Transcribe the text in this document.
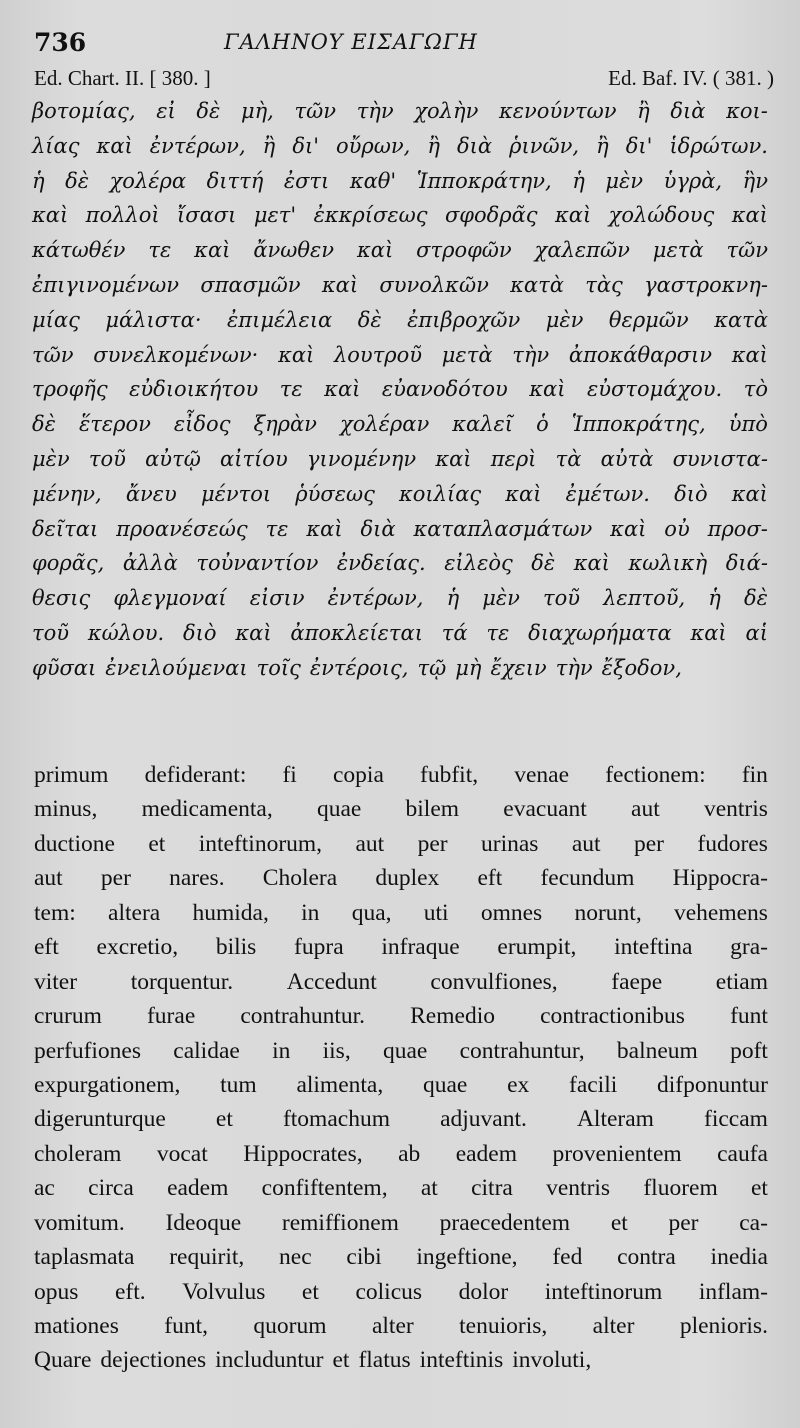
736	ΓΑΛΗΝΟΥ ΕΙΣΑΓΩΓΗ
Ed. Chart. II. [ 380. ]	Ed. Baf. IV. ( 381. )
βοτομίας, εἰ δὲ μὴ, τῶν τὴν χολὴν κενούντων ἢ διὰ κοι-
λίας καὶ ἐντέρων, ἢ δι' οὔρων, ἢ διὰ ῥινῶν, ἢ δι' ἱδρώτων.
ἡ δὲ χολέρα διττή ἐστι καθ' Ἱπποκράτην, ἡ μὲν ὑγρὰ, ἣν
καὶ πολλοὶ ἴσασι μετ' ἐκκρίσεως σφοδρᾶς καὶ χολώδους καὶ
κάτωθέν τε καὶ ἄνωθεν καὶ στροφῶν χαλεπῶν μετὰ τῶν
ἐπιγινομένων σπασμῶν καὶ συνολκῶν κατὰ τὰς γαστροκνη-
μίας μάλιστα· ἐπιμέλεια δὲ ἐπιβροχῶν μὲν θερμῶν κατὰ
τῶν συνελκομένων· καὶ λουτροῦ μετὰ τὴν ἀποκάθαρσιν καὶ
τροφῆς εὐδιοικήτου τε καὶ εὐανοδότου καὶ εὐστομάχου. τὸ
δὲ ἕτερον εἶδος ξηρὰν χολέραν καλεῖ ὁ Ἱπποκράτης, ὑπὸ
μὲν τοῦ αὐτῷ αἰτίου γινομένην καὶ περὶ τὰ αὐτὰ συνιστα-
μένην, ἄνευ μέντοι ῥύσεως κοιλίας καὶ ἐμέτων. διὸ καὶ
δεῖται προανέσεώς τε καὶ διὰ καταπλασμάτων καὶ οὐ προσ-
φορᾶς, ἀλλὰ τοὐναντίον ἐνδείας. εἰλεὸς δὲ καὶ κωλικὴ διά-
θεσις φλεγμοναί εἰσιν ἐντέρων, ἡ μὲν τοῦ λεπτοῦ, ἡ δὲ
τοῦ κώλου. διὸ καὶ ἀποκλείεται τά τε διαχωρήματα καὶ αἱ
φῦσαι ἐνειλούμεναι τοῖς ἐντέροις, τῷ μὴ ἔχειν τὴν ἔξοδον,
primum defiderant: fi copia fubfit, venae fectionem: fin
minus, medicamenta, quae bilem evacuant aut ventris
ductione et inteftinorum, aut per urinas aut per fudores
aut per nares. Cholera duplex eft fecundum Hippocra-
tem: altera humida, in qua, uti omnes norunt, vehemens
eft excretio, bilis fupra infraque erumpit, inteftina gra-
viter torquentur. Accedunt convulfiones, faepe etiam
crurum furae contrahuntur. Remedio contractionibus funt
perfufiones calidae in iis, quae contrahuntur, balneum poft
expurgationem, tum alimenta, quae ex facili difponuntur
digerunturque et ftomachum adjuvant. Alteram ficcam
choleram vocat Hippocrates, ab eadem provenientem caufa
ac circa eadem confiftentem, at citra ventris fluorem et
vomitum. Ideoque remiffionem praecedentem et per ca-
taplasmata requirit, nec cibi ingeftione, fed contra inedia
opus eft. Volvulus et colicus dolor inteftinorum inflam-
mationes funt, quorum alter tenuioris, alter plenioris.
Quare dejectiones includuntur et flatus inteftinis involuti,
